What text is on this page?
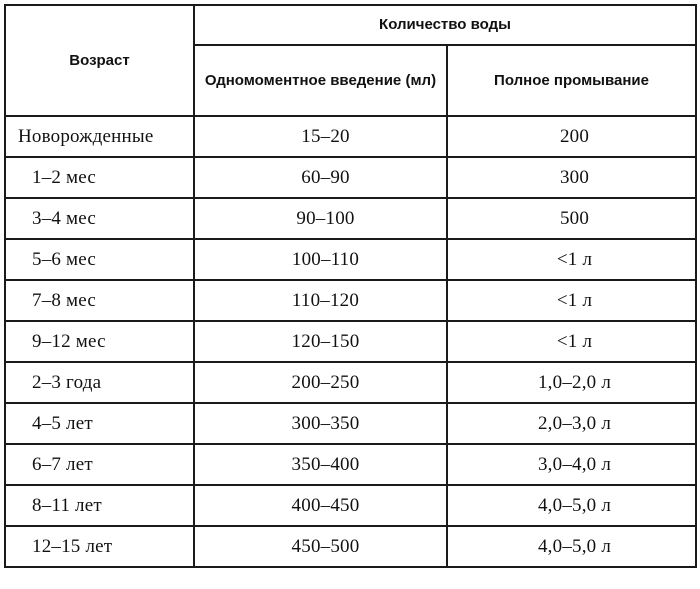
Возраст	Количество воды	
	Одномоментное введение (мл)	Полное промывание
Новорожденные	15–20	200
1–2 мес	60–90	300
3–4 мес	90–100	500
5–6 мес	100–110	<1 л
7–8 мес	110–120	<1 л
9–12 мес	120–150	<1 л
2–3 года	200–250	1,0–2,0 л
4–5 лет	300–350	2,0–3,0 л
6–7 лет	350–400	3,0–4,0 л
8–11 лет	400–450	4,0–5,0 л
12–15 лет	450–500	4,0–5,0 л
